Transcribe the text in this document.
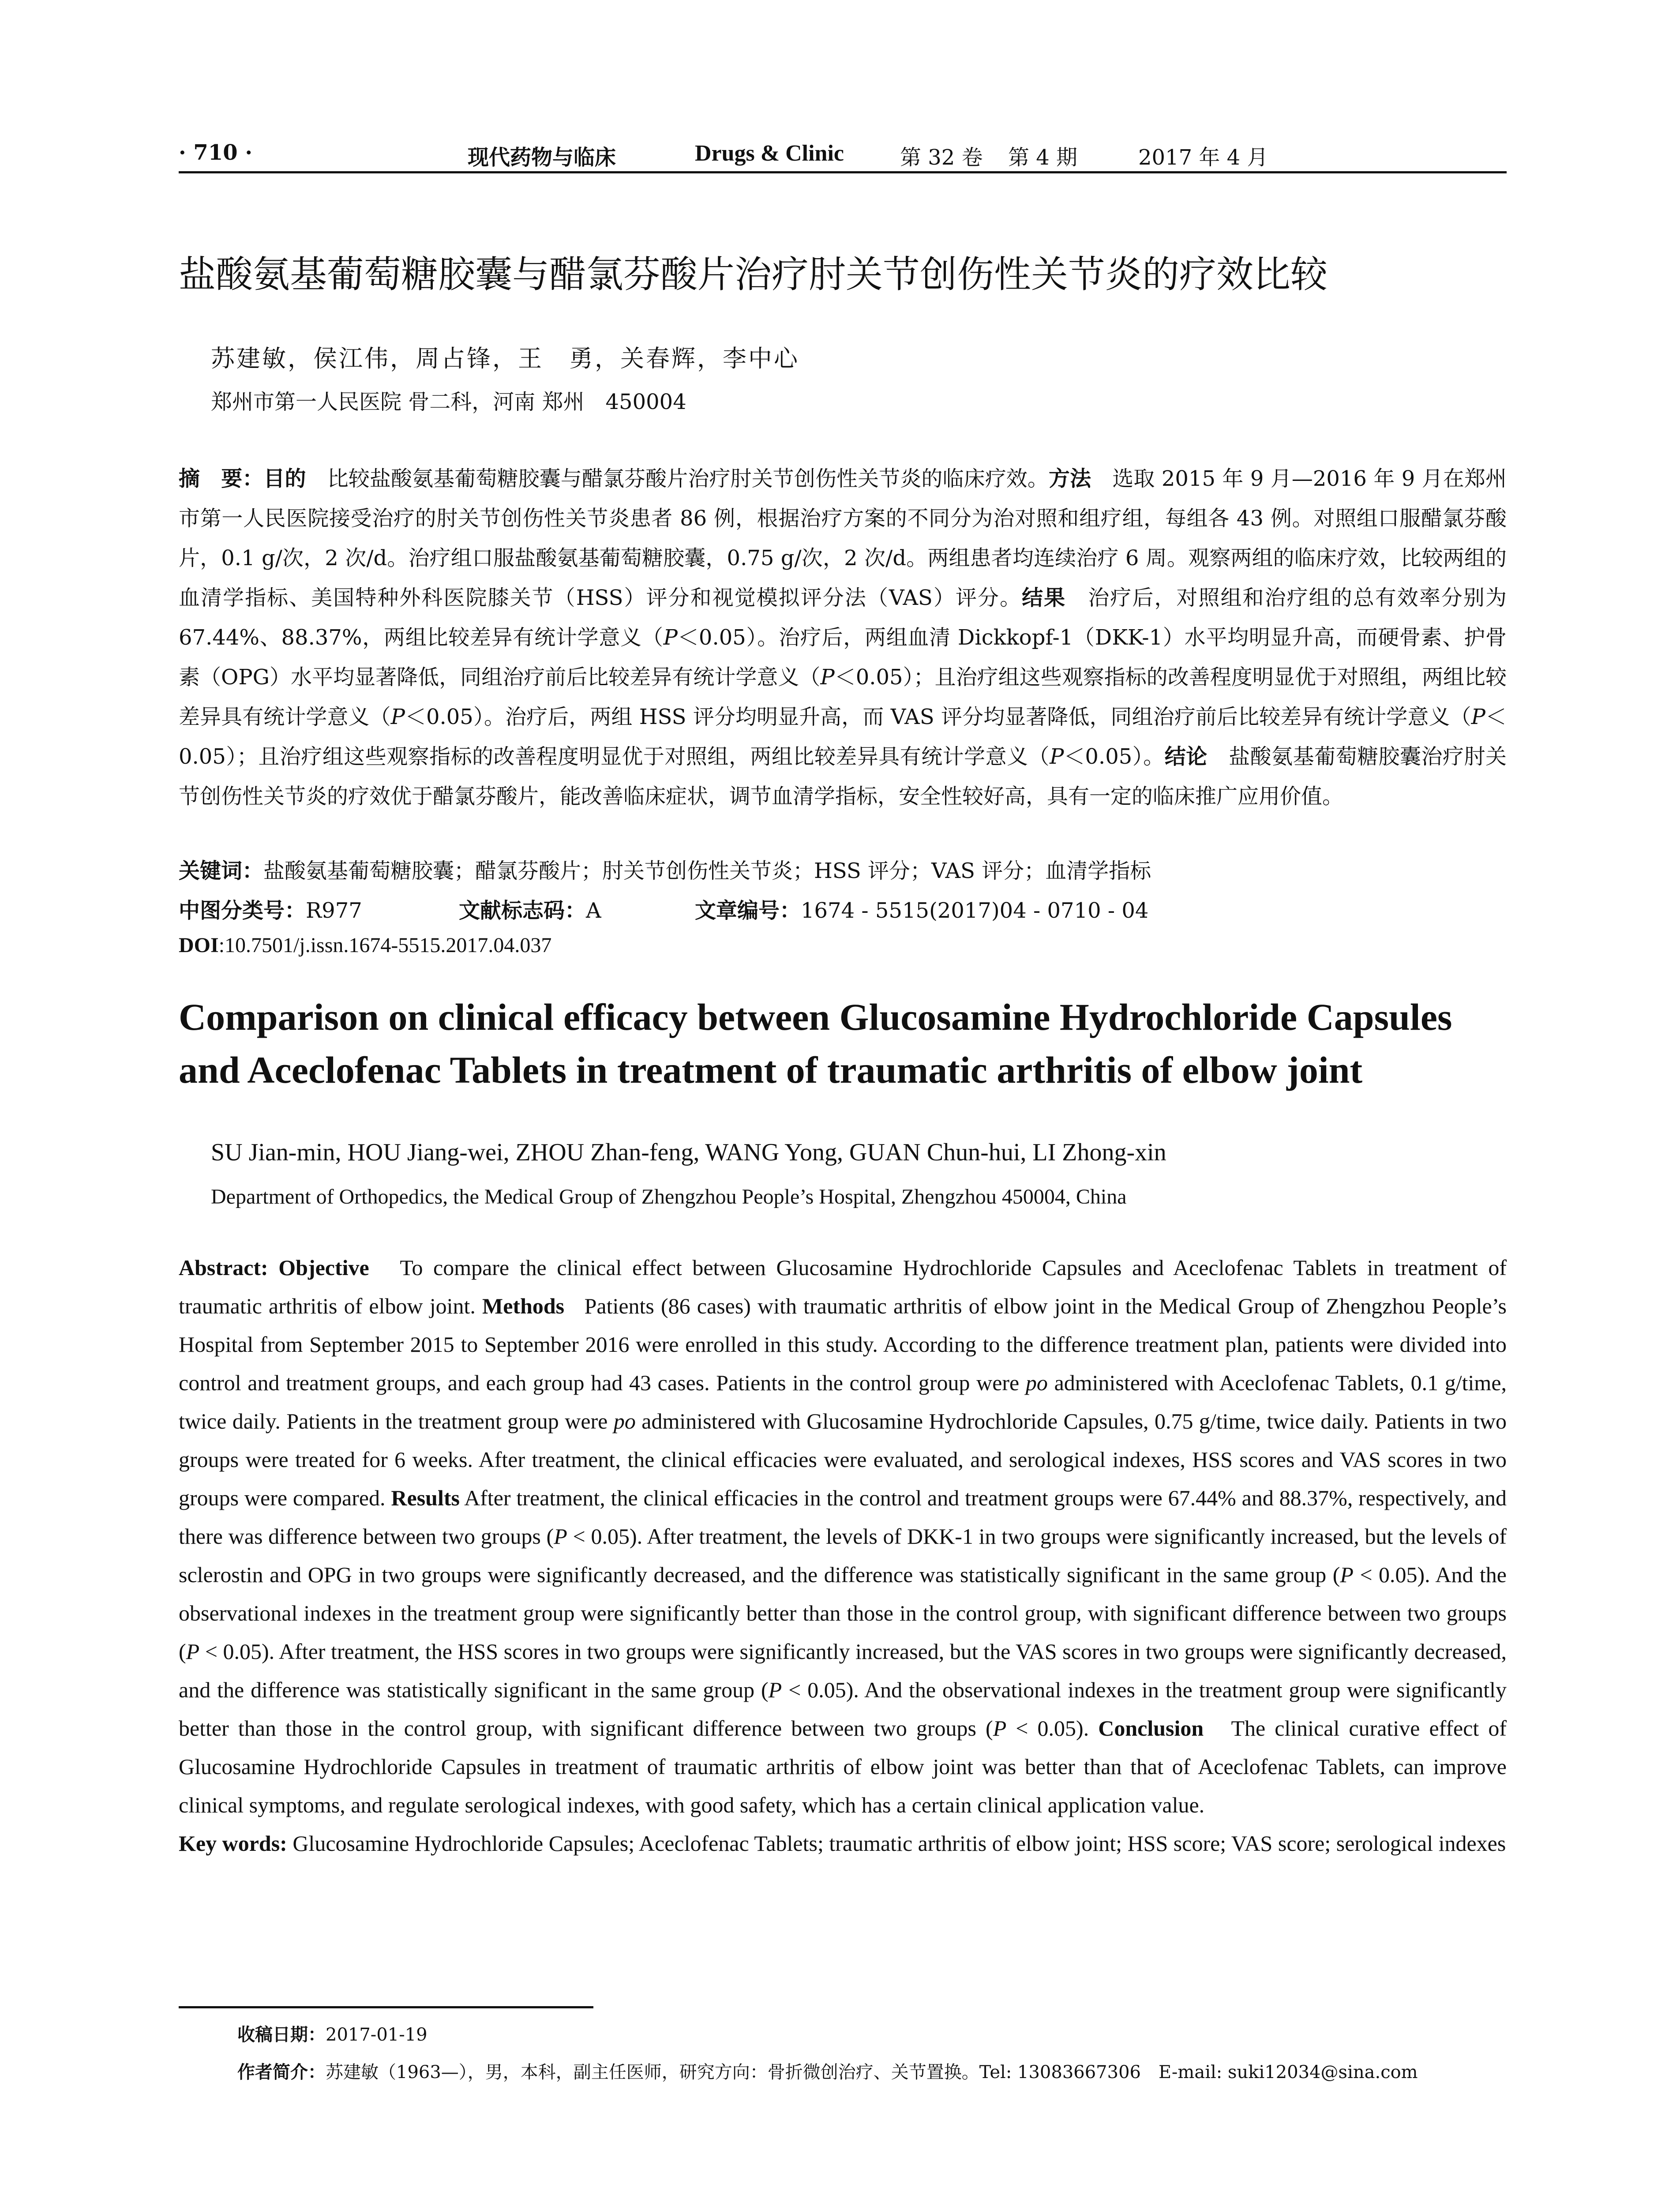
· 710 ·	现代药物与临床	Drugs & Clinic	第 32 卷 第 4 期	2017 年 4 月
盐酸氨基葡萄糖胶囊与醋氯芬酸片治疗肘关节创伤性关节炎的疗效比较
苏建敏，侯江伟，周占锋，王　勇，关春辉，李中心
郑州市第一人民医院 骨二科，河南 郑州　450004
摘　要：目的　 比较盐酸氨基葡萄糖胶囊与醋氯芬酸片治疗肘关节创伤性关节炎的临床疗效。方法　 选取 2015 年 9 月—2016 年 9 月在郑州市第一人民医院接受治疗的肘关节创伤性关节炎患者 86 例，根据治疗方案的不同分为治对照和组疗组，每组各 43 例。对照组口服醋氯芬酸片，0.1 g/次，2 次/d。治疗组口服盐酸氨基葡萄糖胶囊，0.75 g/次，2 次/d。两组患者均连续治疗 6 周。观察两组的临床疗效，比较两组的血清学指标、美国特种外科医院膝关节（HSS）评分和视觉模拟评分法（VAS）评分。结果　 治疗后，对照组和治疗组的总有效率分别为 67.44%、88.37%，两组比较差异有统计学意义（P＜0.05）。治疗后，两组血清 Dickkopf-1（DKK-1）水平均明显升高，而硬骨素、护骨素（OPG）水平均显著降低，同组治疗前后比较差异有统计学意义（P＜0.05）；且治疗组这些观察指标的改善程度明显优于对照组，两组比较差异具有统计学意义（P＜0.05）。治疗后，两组 HSS 评分均明显升高，而 VAS 评分均显著降低，同组治疗前后比较差异有统计学意义（P＜0.05）；且治疗组这些观察指标的改善程度明显优于对照组，两组比较差异具有统计学意义（P＜0.05）。结论　 盐酸氨基葡萄糖胶囊治疗肘关节创伤性关节炎的疗效优于醋氯芬酸片，能改善临床症状，调节血清学指标，安全性较好高，具有一定的临床推广应用价值。
关键词：盐酸氨基葡萄糖胶囊；醋氯芬酸片；肘关节创伤性关节炎；HSS 评分；VAS 评分；血清学指标
中图分类号：R977	文献标志码：A	文章编号：1674 - 5515(2017)04 - 0710 - 04
DOI:10.7501/j.issn.1674-5515.2017.04.037
Comparison on clinical efficacy between Glucosamine Hydrochloride Capsules and Aceclofenac Tablets in treatment of traumatic arthritis of elbow joint
SU Jian-min, HOU Jiang-wei, ZHOU Zhan-feng, WANG Yong, GUAN Chun-hui, LI Zhong-xin
Department of Orthopedics, the Medical Group of Zhengzhou People’s Hospital, Zhengzhou 450004, China
Abstract: Objective To compare the clinical effect between Glucosamine Hydrochloride Capsules and Aceclofenac Tablets in treatment of traumatic arthritis of elbow joint. Methods Patients (86 cases) with traumatic arthritis of elbow joint in the Medical Group of Zhengzhou People’s Hospital from September 2015 to September 2016 were enrolled in this study. According to the difference treatment plan, patients were divided into control and treatment groups, and each group had 43 cases. Patients in the control group were po administered with Aceclofenac Tablets, 0.1 g/time, twice daily. Patients in the treatment group were po administered with Glucosamine Hydrochloride Capsules, 0.75 g/time, twice daily. Patients in two groups were treated for 6 weeks. After treatment, the clinical efficacies were evaluated, and serological indexes, HSS scores and VAS scores in two groups were compared. Results After treatment, the clinical efficacies in the control and treatment groups were 67.44% and 88.37%, respectively, and there was difference between two groups (P < 0.05). After treatment, the levels of DKK-1 in two groups were significantly increased, but the levels of sclerostin and OPG in two groups were significantly decreased, and the difference was statistically significant in the same group (P < 0.05). And the observational indexes in the treatment group were significantly better than those in the control group, with significant difference between two groups (P < 0.05). After treatment, the HSS scores in two groups were significantly increased, but the VAS scores in two groups were significantly decreased, and the difference was statistically significant in the same group (P < 0.05). And the observational indexes in the treatment group were significantly better than those in the control group, with significant difference between two groups (P < 0.05). Conclusion The clinical curative effect of Glucosamine Hydrochloride Capsules in treatment of traumatic arthritis of elbow joint was better than that of Aceclofenac Tablets, can improve clinical symptoms, and regulate serological indexes, with good safety, which has a certain clinical application value.
Key words: Glucosamine Hydrochloride Capsules; Aceclofenac Tablets; traumatic arthritis of elbow joint; HSS score; VAS score; serological indexes
收稿日期：2017-01-19
作者简介：苏建敏（1963—），男，本科，副主任医师，研究方向：骨折微创治疗、关节置换。Tel: 13083667306　E-mail: suki12034@sina.com
